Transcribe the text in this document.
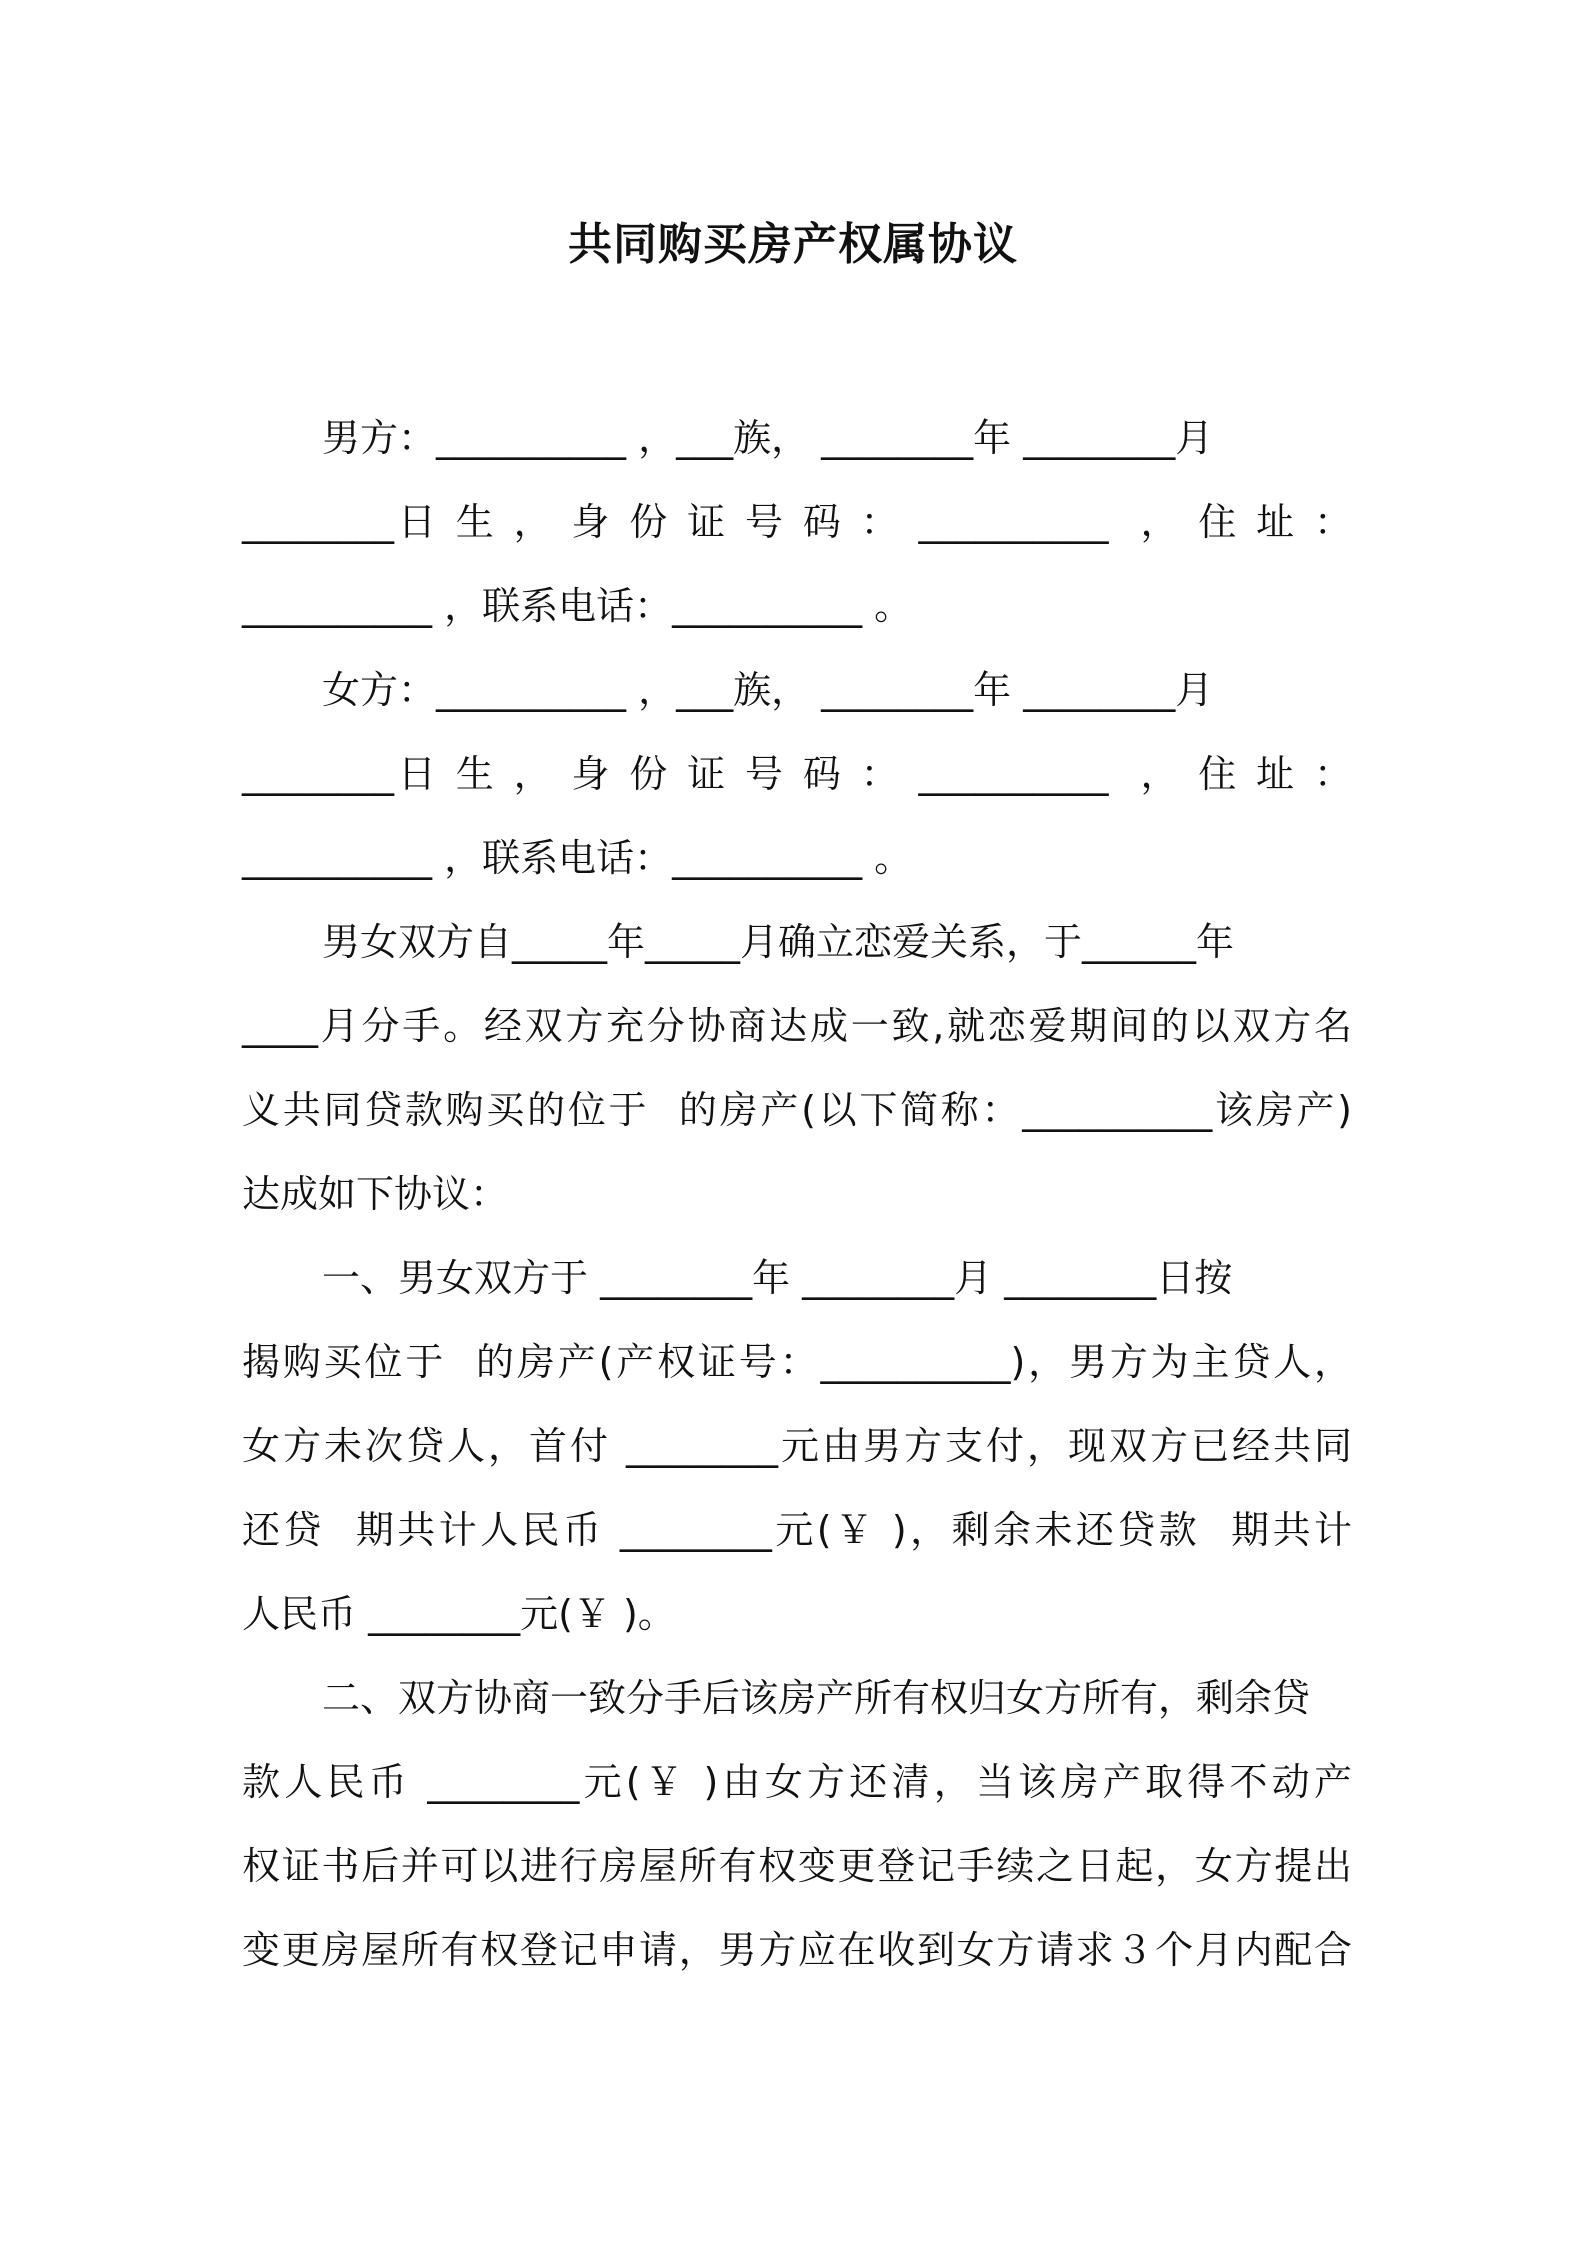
共同购买房产权属协议
男方：__________ ，___族， ________年 ________月
________日 生 ， 身 份 证 号 码 ： __________  ， 住 址 ：
__________ ，联系电话：__________ 。
女方：__________ ，___族， ________年 ________月
________日 生 ， 身 份 证 号 码 ： __________  ， 住 址 ：
__________ ，联系电话：__________ 。
男女双方自_____年_____月确立恋爱关系，于______年
____月分手。经双方充分协商达成一致,就恋爱期间的以双方名
义共同贷款购买的位于  的房产(以下简称：__________该房产)
达成如下协议：
一、男女双方于 ________年 ________月 ________日按
揭购买位于  的房产(产权证号：__________)，男方为主贷人，
女方未次贷人，首付 ________元由男方支付，现双方已经共同
还贷  期共计人民币 ________元(￥ )，剩余未还贷款  期共计
人民币 ________元(￥ )。
二、双方协商一致分手后该房产所有权归女方所有，剩余贷
款人民币 ________元(￥ )由女方还清，当该房产取得不动产
权证书后并可以进行房屋所有权变更登记手续之日起，女方提出
变更房屋所有权登记申请，男方应在收到女方请求３个月内配合
